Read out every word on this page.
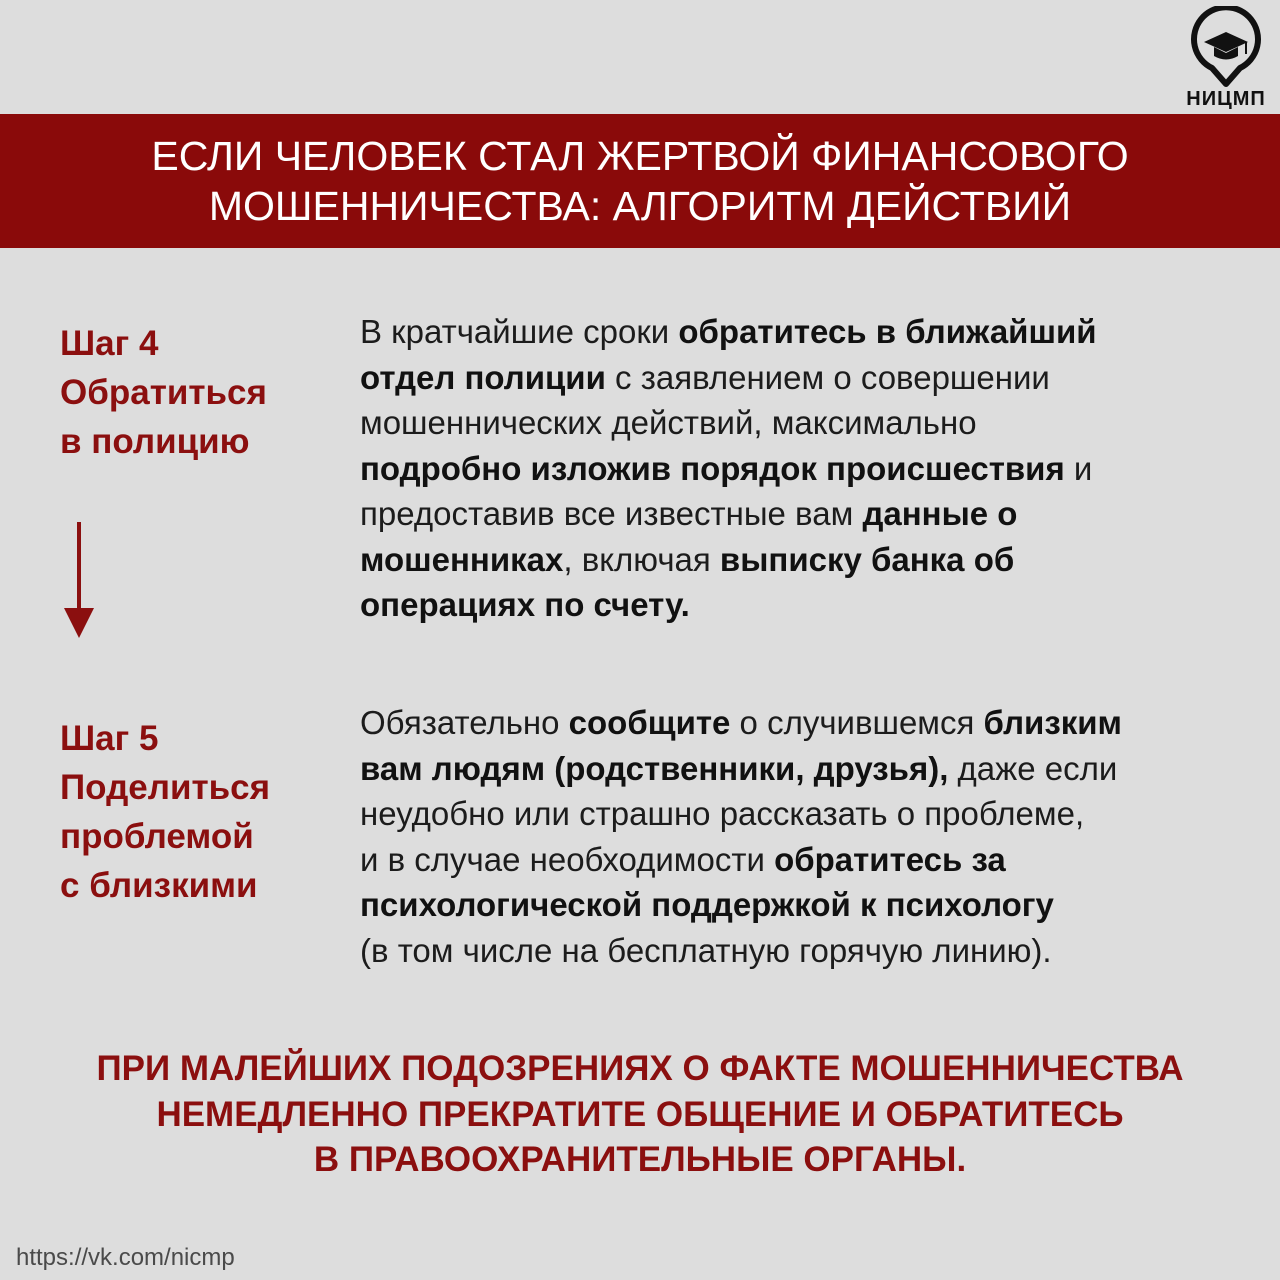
НИЦМП
ЕСЛИ ЧЕЛОВЕК СТАЛ ЖЕРТВОЙ ФИНАНСОВОГО
МОШЕННИЧЕСТВА: АЛГОРИТМ ДЕЙСТВИЙ
Шаг 4
Обратиться
в полицию
В кратчайшие сроки обратитесь в ближайший
отдел полиции с заявлением о совершении
мошеннических действий, максимально
подробно изложив порядок происшествия и
предоставив все известные вам данные о
мошенниках, включая выписку банка об
операциях по счету.
Шаг 5
Поделиться
проблемой
с близкими
Обязательно сообщите о случившемся близким
вам людям (родственники, друзья), даже если
неудобно или страшно рассказать о проблеме,
и в случае необходимости обратитесь за
психологической поддержкой к психологу
(в том числе на бесплатную горячую линию).
ПРИ МАЛЕЙШИХ ПОДОЗРЕНИЯХ О ФАКТЕ МОШЕННИЧЕСТВА
НЕМЕДЛЕННО ПРЕКРАТИТЕ ОБЩЕНИЕ И ОБРАТИТЕСЬ
В ПРАВООХРАНИТЕЛЬНЫЕ ОРГАНЫ.
https://vk.com/nicmp
